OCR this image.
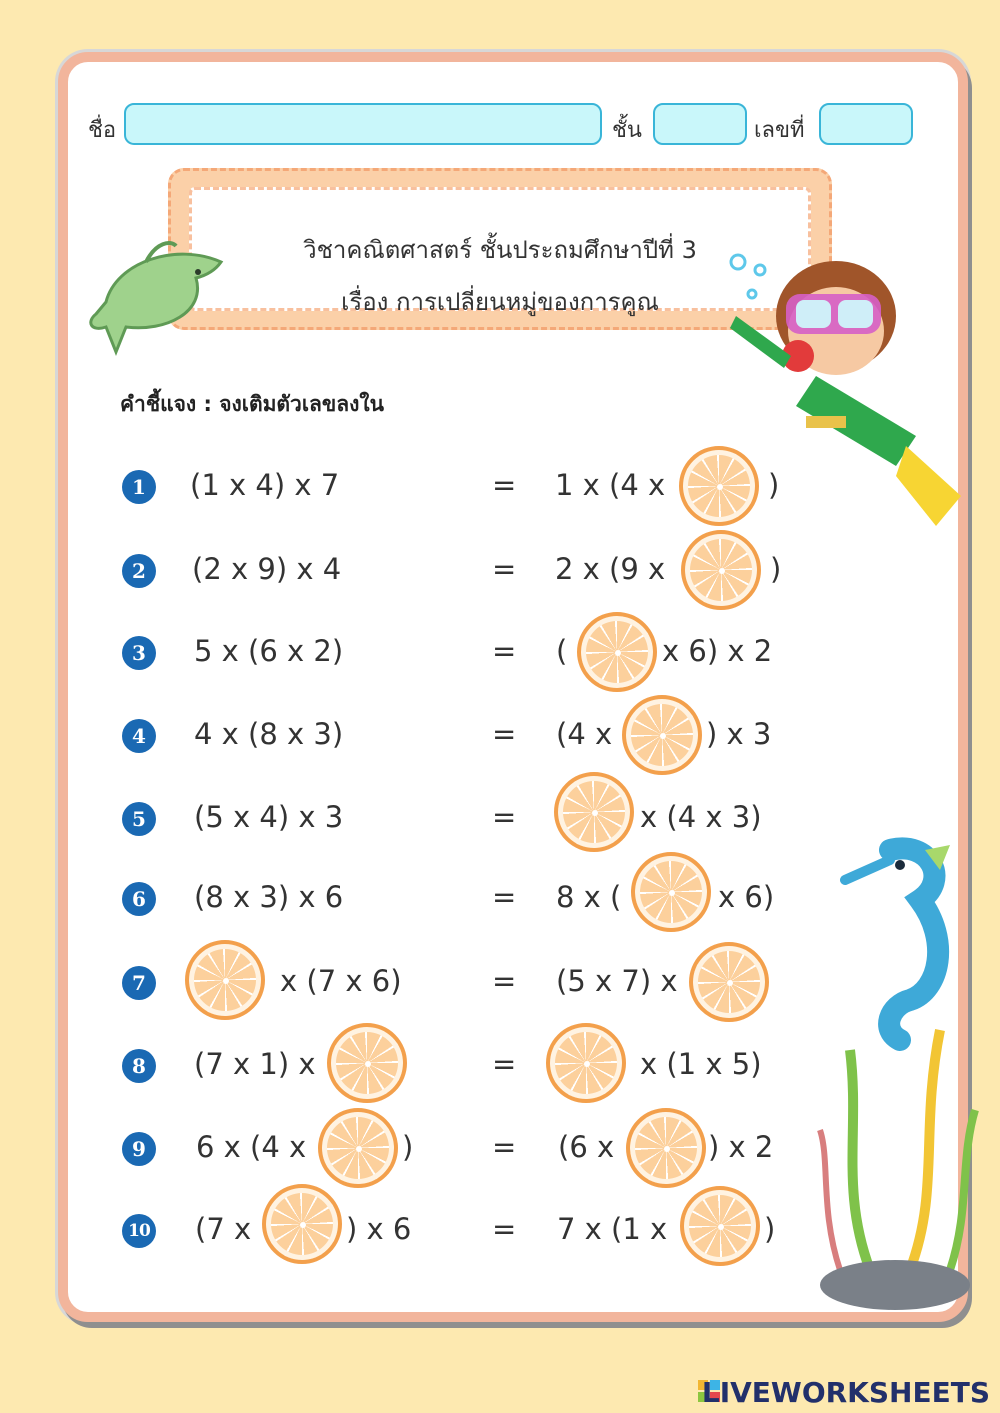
ชื่อ	ชั้น	เลขที่
วิชาคณิตศาสตร์ ชั้นประถมศึกษาปีที่ 3
เรื่อง การเปลี่ยนหมู่ของการคูณ
คำชี้แจง : จงเติมตัวเลขลงใน
1	(1 x 4) x 7	= 1 x (4 x	)
2	(2 x 9) x 4	= 2 x (9 x	)
3	5 x (6 x 2)	= (	x 6) x 2
4	4 x (8 x 3)	= (4 x	) x 3
5	(5 x 4) x 3	=	x (4 x 3)
6	(8 x 3) x 6	= 8 x (	x 6)
7	x (7 x 6)	= (5 x 7) x
8	(7 x 1) x	=	x (1 x 5)
9	6 x (4 x	)	= (6 x	) x 2
10 (7 x	) x 6	= 7 x (1 x	)
LIVEWORKSHEETS
